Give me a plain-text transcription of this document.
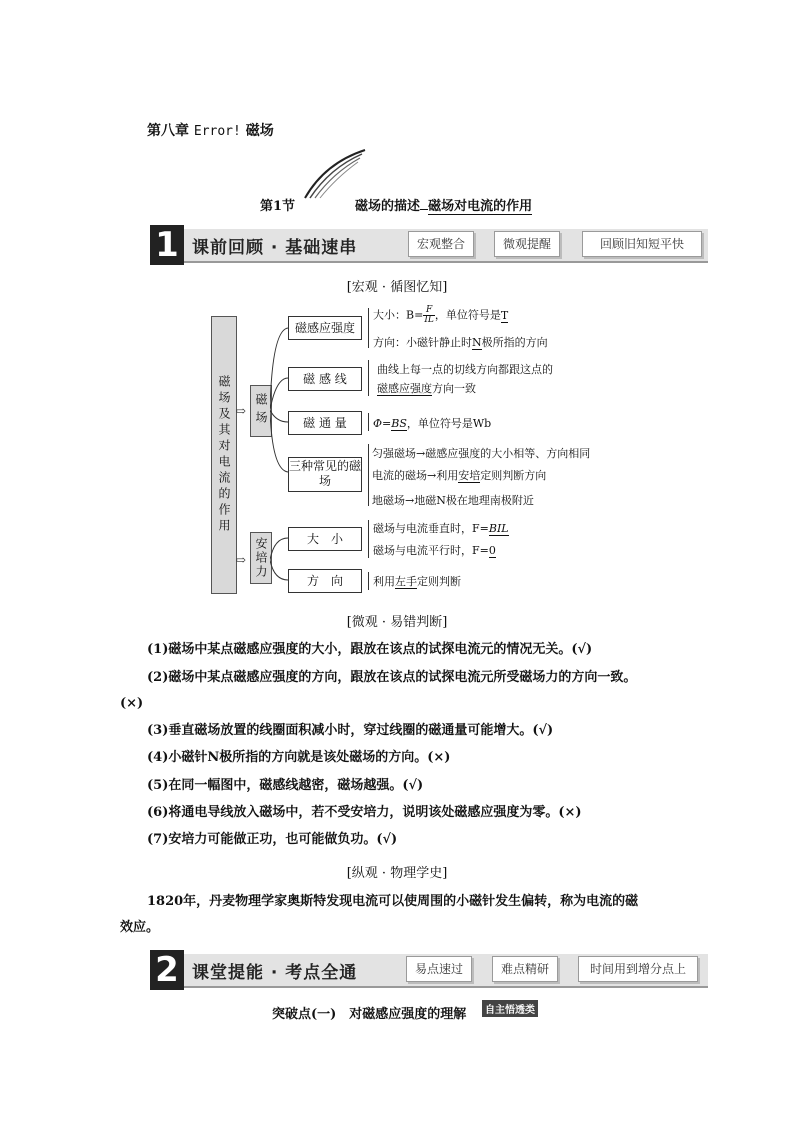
第八章 Error! 磁场
第1节	磁场的描述 磁场对电流的作用
1 课前回顾 · 基础速串	宏观整合	微观提醒	回顾旧知短平快
[宏观 · 循图忆知]
磁场及其对电流的作用 ⇨
⇨
磁场
安培力
磁感应强度
磁 感 线
磁 通 量
三种常见的磁场
大　小
方　向
大小：$B= \frac{F}{IL}$ ，单位符号是T
方向：小磁针静止时N极所指的方向
曲线上每一点的切线方向都跟这点的
磁感应强度方向一致
Φ=BS，单位符号是Wb
匀强磁场→磁感应强度的大小相等、方向相同
电流的磁场→利用安培定则判断方向
地磁场→地磁N极在地理南极附近
磁场与电流垂直时，F=BIL
磁场与电流平行时，F=0
利用左手定则判断
[微观 · 易错判断]
(1)磁场中某点磁感应强度的大小，跟放在该点的试探电流元的情况无关。(√)
(2)磁场中某点磁感应强度的方向，跟放在该点的试探电流元所受磁场力的方向一致。
(×)
(3)垂直磁场放置的线圈面积减小时，穿过线圈的磁通量可能增大。(√)
(4)小磁针N极所指的方向就是该处磁场的方向。(×)
(5)在同一幅图中，磁感线越密，磁场越强。(√)
(6)将通电导线放入磁场中，若不受安培力，说明该处磁感应强度为零。(×)
(7)安培力可能做正功，也可能做负功。(√)
[纵观 · 物理学史]
1820年，丹麦物理学家奥斯特发现电流可以使周围的小磁针发生偏转，称为电流的磁
效应。
2 课堂提能 · 考点全通	易点速过	难点精研	时间用到增分点上
突破点(一)　对磁感应强度的理解	自主悟透类
